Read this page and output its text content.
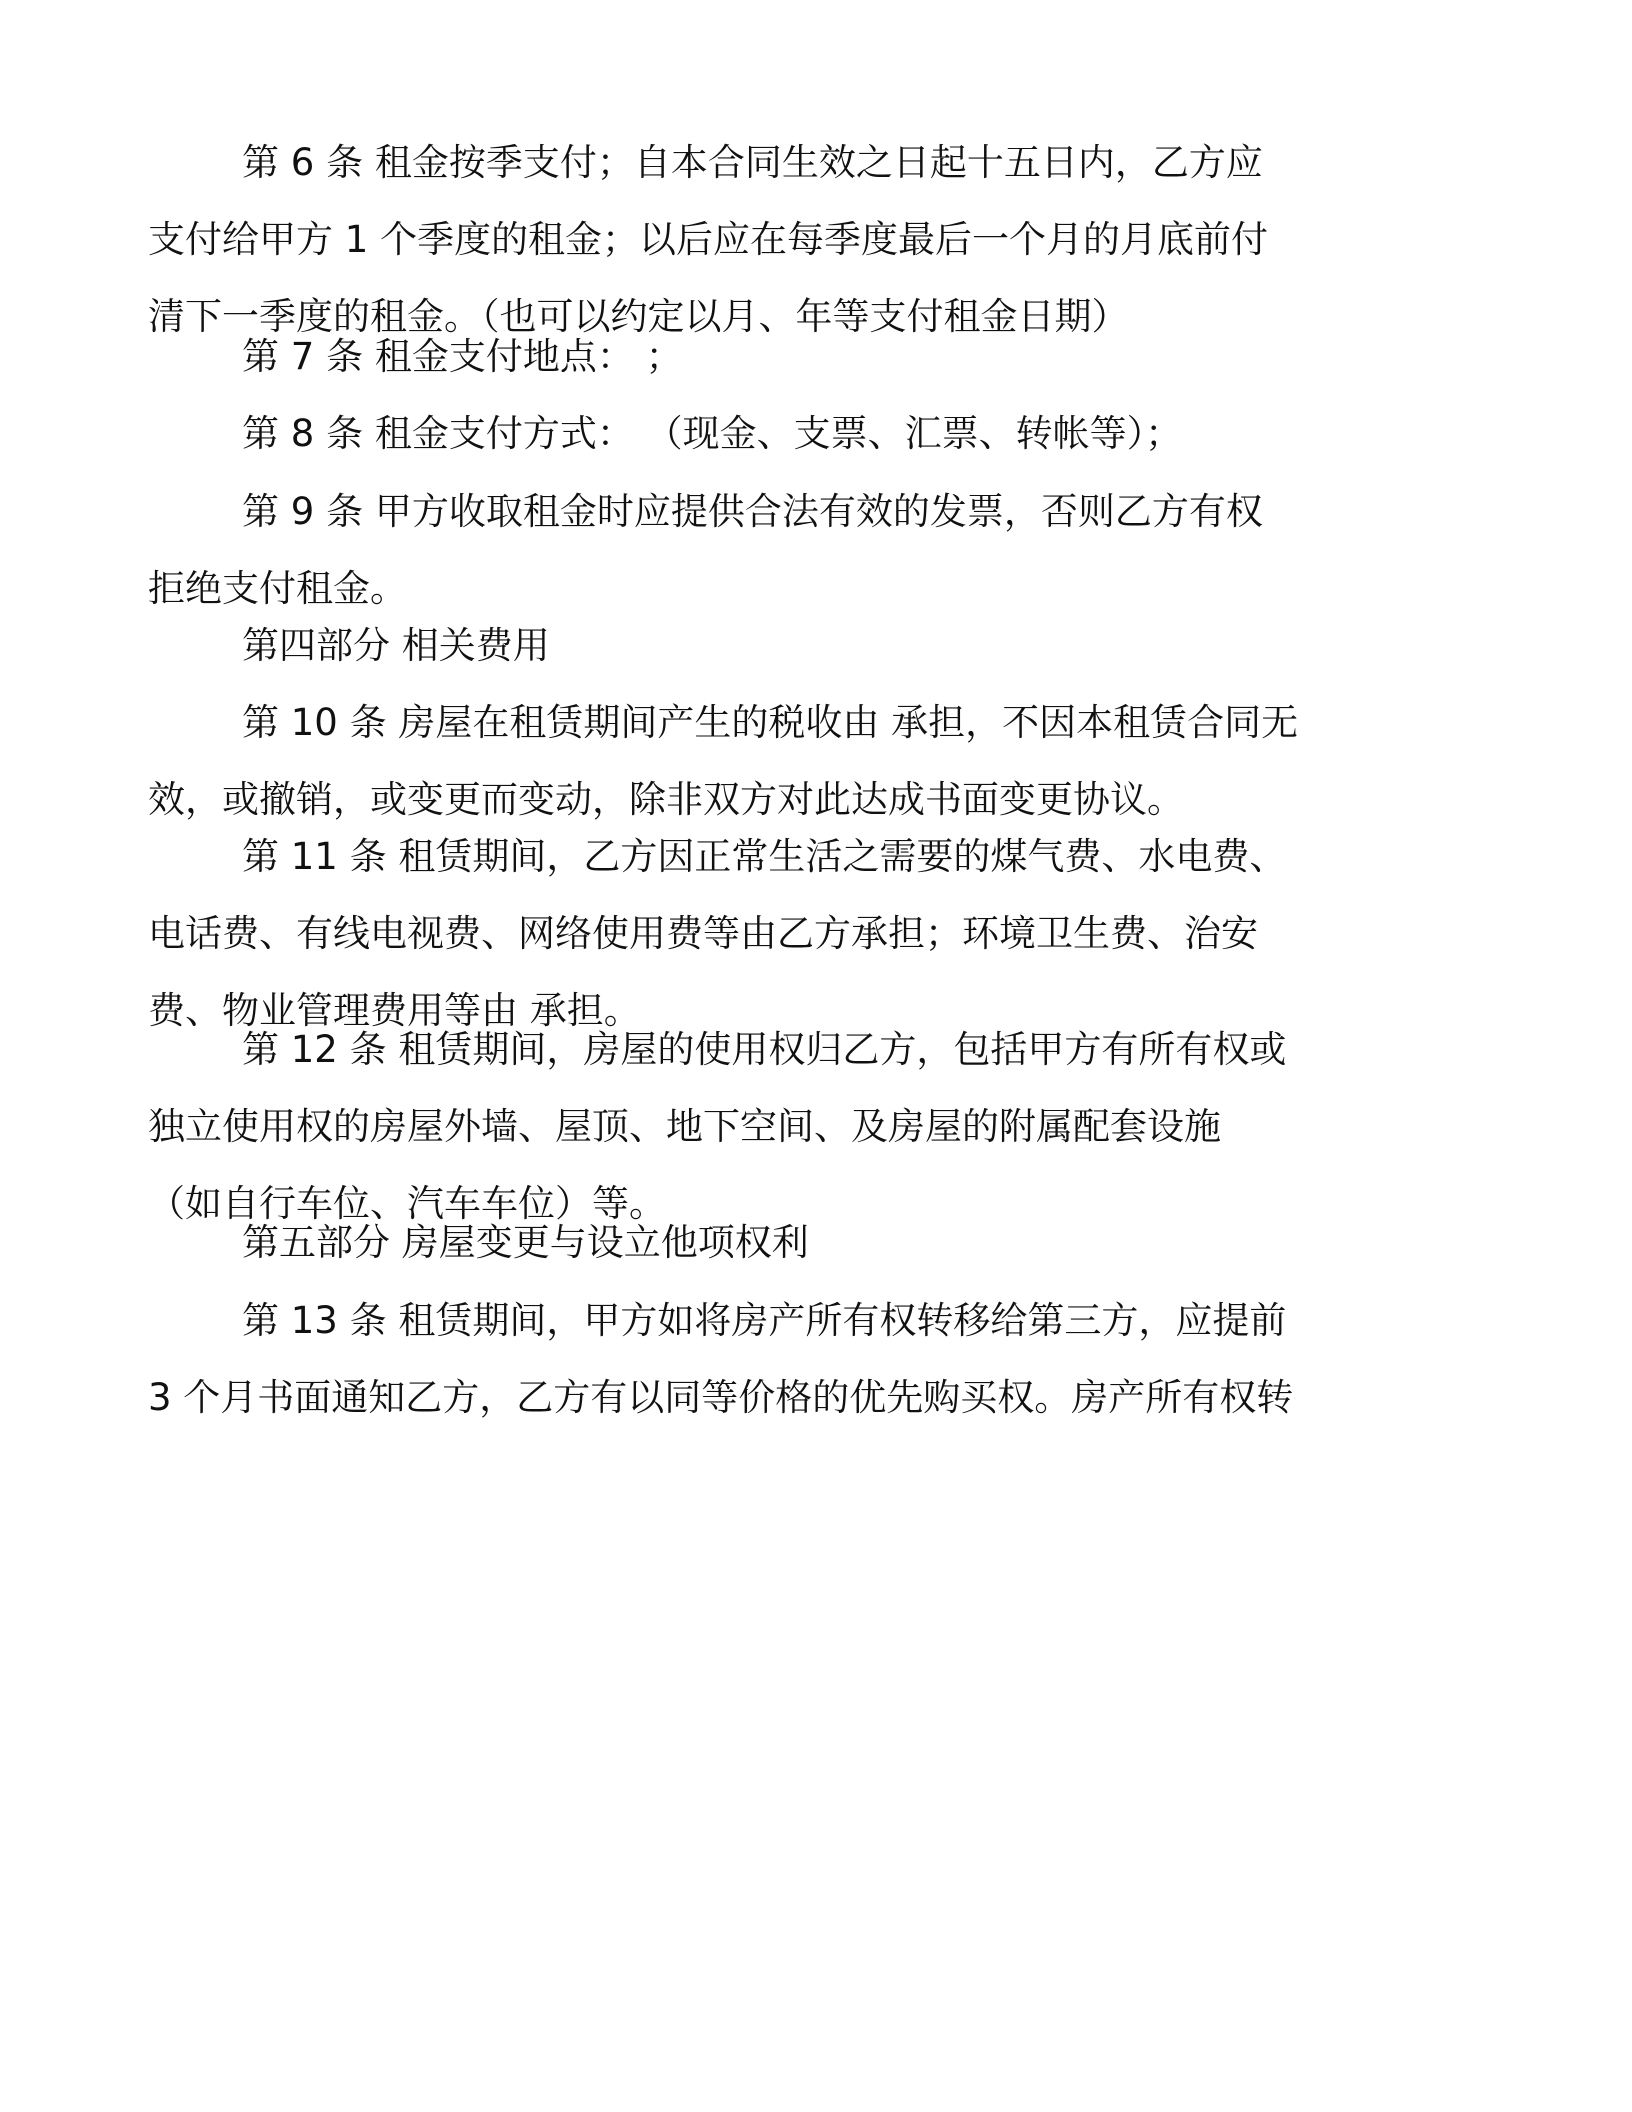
第 6 条 租金按季支付；自本合同生效之日起十五日内，乙方应
支付给甲方 1 个季度的租金；以后应在每季度最后一个月的月底前付
清下一季度的租金。（也可以约定以月、年等支付租金日期）

第 7 条 租金支付地点： ；

第 8 条 租金支付方式： （现金、支票、汇票、转帐等）；

第 9 条 甲方收取租金时应提供合法有效的发票，否则乙方有权
拒绝支付租金。

第四部分 相关费用

第 10 条 房屋在租赁期间产生的税收由 承担，不因本租赁合同无
效，或撤销，或变更而变动，除非双方对此达成书面变更协议。

第 11 条 租赁期间，乙方因正常生活之需要的煤气费、水电费、
电话费、有线电视费、网络使用费等由乙方承担；环境卫生费、治安
费、物业管理费用等由 承担。

第 12 条 租赁期间，房屋的使用权归乙方，包括甲方有所有权或
独立使用权的房屋外墙、屋顶、地下空间、及房屋的附属配套设施
（如自行车位、汽车车位）等。

第五部分 房屋变更与设立他项权利

第 13 条 租赁期间，甲方如将房产所有权转移给第三方，应提前
3 个月书面通知乙方，乙方有以同等价格的优先购买权。房产所有权转
